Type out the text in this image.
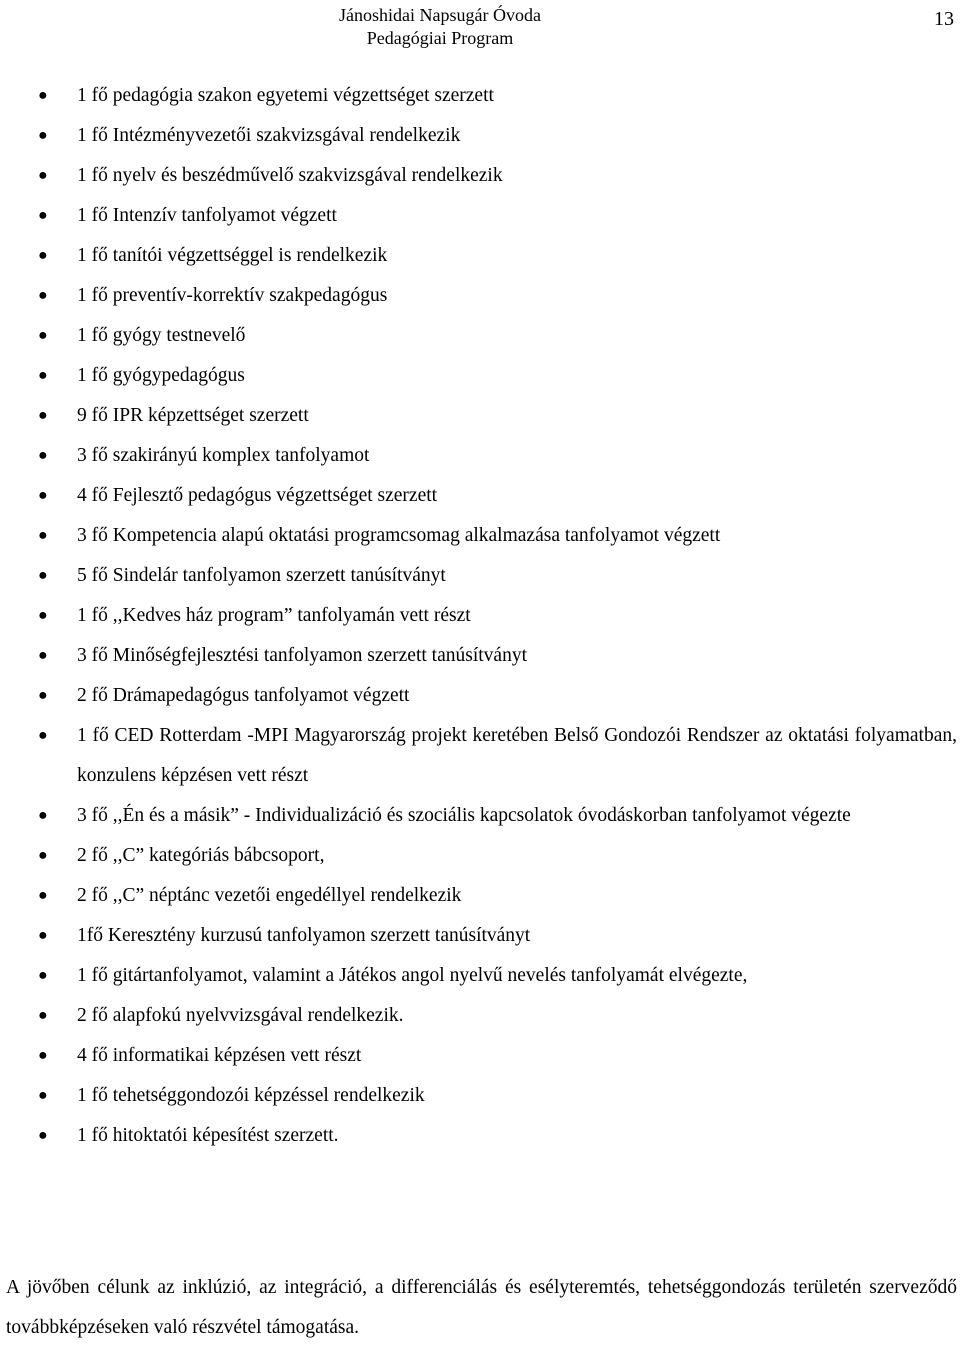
Jánoshidai Napsugár Óvoda
Pedagógiai Program
13
● 1 fő pedagógia szakon egyetemi végzettséget szerzett
● 1 fő Intézményvezetői szakvizsgával rendelkezik
● 1 fő nyelv és beszédművelő szakvizsgával rendelkezik
● 1 fő Intenzív tanfolyamot végzett
● 1 fő tanítói végzettséggel is rendelkezik
● 1 fő preventív-korrektív szakpedagógus
● 1 fő gyógy testnevelő
● 1 fő gyógypedagógus
● 9 fő IPR képzettséget szerzett
● 3 fő szakirányú komplex tanfolyamot
● 4 fő Fejlesztő pedagógus végzettséget szerzett
● 3 fő Kompetencia alapú oktatási programcsomag alkalmazása tanfolyamot végzett
● 5 fő Sindelár tanfolyamon szerzett tanúsítványt
● 1 fő ,,Kedves ház program” tanfolyamán vett részt
● 3 fő Minőségfejlesztési tanfolyamon szerzett tanúsítványt
● 2 fő Drámapedagógus tanfolyamot végzett
● 1 fő CED Rotterdam -MPI Magyarország projekt keretében Belső Gondozói Rendszer az oktatási folyamatban, konzulens képzésen vett részt
● 3 fő ,,Én és a másik” - Individualizáció és szociális kapcsolatok óvodáskorban tanfolyamot végezte
● 2 fő ,,C” kategóriás bábcsoport,
● 2 fő ,,C” néptánc vezetői engedéllyel rendelkezik
● 1fő Keresztény kurzusú tanfolyamon szerzett tanúsítványt
● 1 fő gitártanfolyamot, valamint a Játékos angol nyelvű nevelés tanfolyamát elvégezte,
● 2 fő alapfokú nyelvvizsgával rendelkezik.
● 4 fő informatikai képzésen vett részt
● 1 fő tehetséggondozói képzéssel rendelkezik
● 1 fő hitoktatói képesítést szerzett.

A jövőben célunk az inklúzió, az integráció, a differenciálás és esélyteremtés, tehetséggondozás területén szerveződő továbbképzéseken való részvétel támogatása.
